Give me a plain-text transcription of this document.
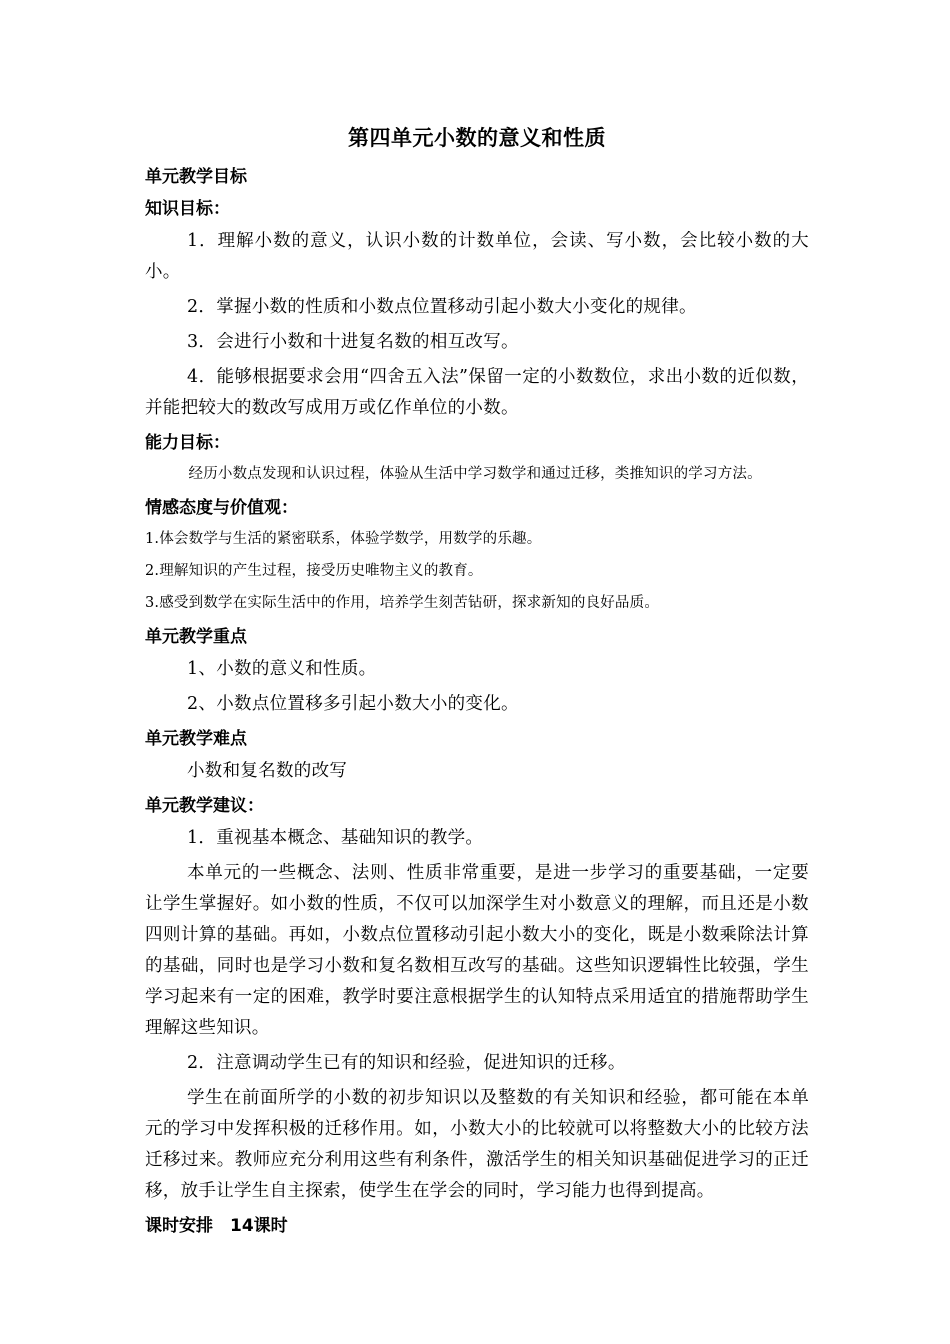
第四单元小数的意义和性质
单元教学目标
知识目标：
1．理解小数的意义，认识小数的计数单位，会读、写小数，会比较小数的大小。
2．掌握小数的性质和小数点位置移动引起小数大小变化的规律。
3．会进行小数和十进复名数的相互改写。
4．能够根据要求会用“四舍五入法”保留一定的小数数位，求出小数的近似数，并能把较大的数改写成用万或亿作单位的小数。
能力目标：
经历小数点发现和认识过程，体验从生活中学习数学和通过迁移，类推知识的学习方法。
情感态度与价值观：
1.体会数学与生活的紧密联系，体验学数学，用数学的乐趣。
2.理解知识的产生过程，接受历史唯物主义的教育。
3.感受到数学在实际生活中的作用，培养学生刻苦钻研，探求新知的良好品质。
单元教学重点
1、小数的意义和性质。
2、小数点位置移多引起小数大小的变化。
单元教学难点
小数和复名数的改写
单元教学建议：
1．重视基本概念、基础知识的教学。
本单元的一些概念、法则、性质非常重要，是进一步学习的重要基础，一定要让学生掌握好。如小数的性质，不仅可以加深学生对小数意义的理解，而且还是小数四则计算的基础。再如，小数点位置移动引起小数大小的变化，既是小数乘除法计算的基础，同时也是学习小数和复名数相互改写的基础。这些知识逻辑性比较强，学生学习起来有一定的困难，教学时要注意根据学生的认知特点采用适宜的措施帮助学生理解这些知识。
2．注意调动学生已有的知识和经验，促进知识的迁移。
学生在前面所学的小数的初步知识以及整数的有关知识和经验，都可能在本单元的学习中发挥积极的迁移作用。如，小数大小的比较就可以将整数大小的比较方法迁移过来。教师应充分利用这些有利条件，激活学生的相关知识基础促进学习的正迁移，放手让学生自主探索，使学生在学会的同时，学习能力也得到提高。
课时安排　14课时
